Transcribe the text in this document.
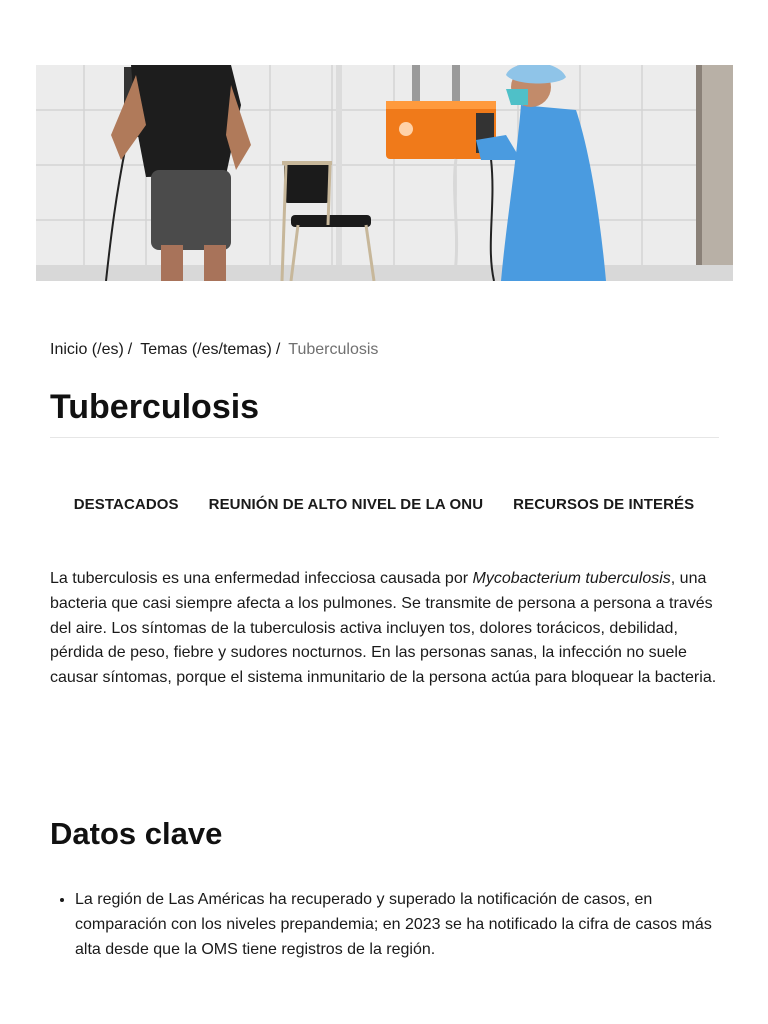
Inicio (/es) / Temas (/es/temas) / Tuberculosis
Tuberculosis
DESTACADOS REUNIÓN DE ALTO NIVEL DE LA ONU RECURSOS DE INTERÉS

La tuberculosis es una enfermedad infecciosa causada por Mycobacterium tuberculosis, una bacteria que casi siempre afecta a los pulmones. Se transmite de persona a persona a través del aire. Los síntomas de la tuberculosis activa incluyen tos, dolores torácicos, debilidad, pérdida de peso, fiebre y sudores nocturnos. En las personas sanas, la infección no suele causar síntomas, porque el sistema inmunitario de la persona actúa para bloquear la bacteria.

Datos clave
• La región de Las Américas ha recuperado y superado la notificación de casos, en comparación con los niveles prepandemia; en 2023 se ha notificado la cifra de casos más alta desde que la OMS tiene registros de la región.
